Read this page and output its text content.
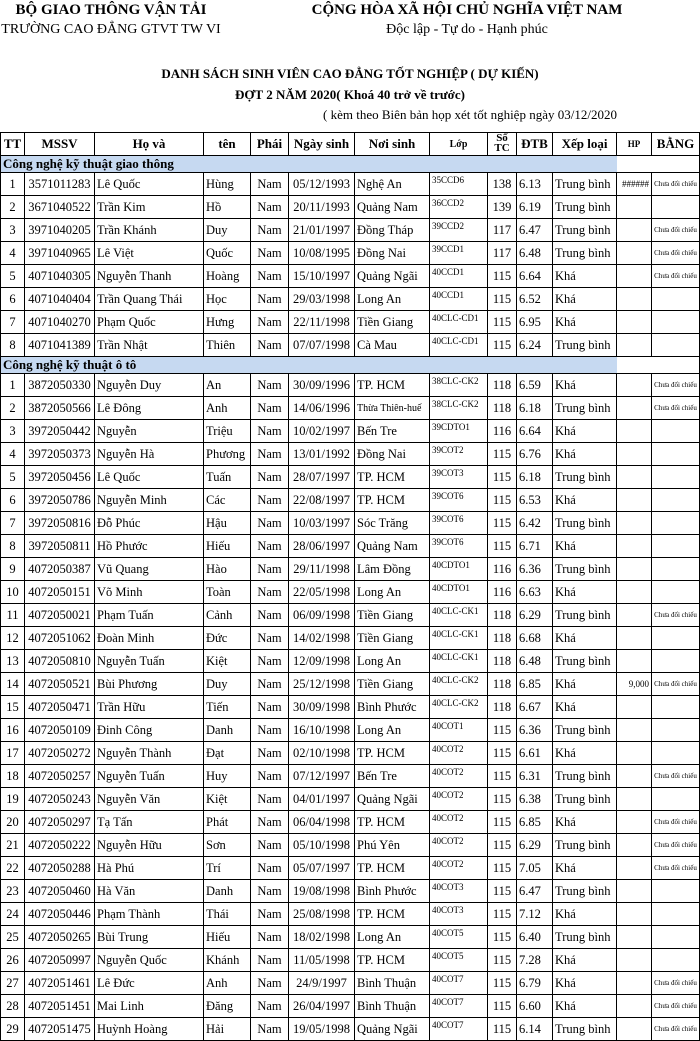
BỘ GIAO THÔNG VẬN TẢI
TRƯỜNG CAO ĐẲNG GTVT TW VI
CỘNG HÒA XÃ HỘI CHỦ NGHĨA VIỆT NAM
Độc lập - Tự do - Hạnh phúc
DANH SÁCH SINH VIÊN CAO ĐẲNG TỐT NGHIỆP ( DỰ KIẾN)
ĐỢT 2 NĂM 2020( Khoá 40 trở về trước)
( kèm theo Biên bản họp xét tốt nghiệp ngày 03/12/2020
TT	MSSV	Họ và	tên	Phái	Ngày sinh	Nơi sinh	Lớp	Số TC	ĐTB	Xếp loại	HP	BẰNG
Công nghệ kỹ thuật giao thông												
1	3571011283	Lê Quốc	Hùng	Nam	05/12/1993	Nghệ An	35CCD6	138	6.13	Trung bình	######	Chưa đối chiếu
2	3671040522	Trần Kim	Hồ	Nam	20/11/1993	Quảng Nam	36CCD2	139	6.19	Trung bình		
3	3971040205	Trần Khánh	Duy	Nam	21/01/1997	Đồng Tháp	39CCD2	117	6.47	Trung bình		Chưa đối chiếu
4	3971040965	Lê Việt	Quốc	Nam	10/08/1995	Đồng Nai	39CCD1	117	6.48	Trung bình		Chưa đối chiếu
5	4071040305	Nguyễn Thanh	Hoàng	Nam	15/10/1997	Quảng Ngãi	40CCD1	115	6.64	Khá		Chưa đối chiếu
6	4071040404	Trần Quang Thái	Học	Nam	29/03/1998	Long An	40CCD1	115	6.52	Khá		
7	4071040270	Phạm Quốc	Hưng	Nam	22/11/1998	Tiền Giang	40CLC-CD1	115	6.95	Khá		
8	4071041389	Trần Nhật	Thiên	Nam	07/07/1998	Cà Mau	40CLC-CD1	115	6.24	Trung bình		
Công nghệ kỹ thuật ô tô												
1	3872050330	Nguyễn Duy	An	Nam	30/09/1996	TP. HCM	38CLC-CK2	118	6.59	Khá		Chưa đối chiếu
2	3872050566	Lê Đông	Anh	Nam	14/06/1996	Thừa Thiên-huế	38CLC-CK2	118	6.18	Trung bình		Chưa đối chiếu
3	3972050442	Nguyễn	Triệu	Nam	10/02/1997	Bến Tre	39CDTO1	116	6.64	Khá		
4	3972050373	Nguyễn Hà	Phương	Nam	13/01/1992	Đồng Nai	39COT2	115	6.76	Khá		
5	3972050456	Lê Quốc	Tuấn	Nam	28/07/1997	TP. HCM	39COT3	115	6.18	Trung bình		
6	3972050786	Nguyễn Minh	Các	Nam	22/08/1997	TP. HCM	39COT6	115	6.53	Khá		
7	3972050816	Đỗ Phúc	Hậu	Nam	10/03/1997	Sóc Trăng	39COT6	115	6.42	Trung bình		
8	3972050811	Hồ Phước	Hiếu	Nam	28/06/1997	Quảng Nam	39COT6	115	6.71	Khá		
9	4072050387	Vũ Quang	Hào	Nam	29/11/1998	Lâm Đồng	40CDTO1	116	6.36	Trung bình		
10	4072050151	Võ Minh	Toàn	Nam	22/05/1998	Long An	40CDTO1	116	6.63	Khá		
11	4072050021	Phạm Tuấn	Cảnh	Nam	06/09/1998	Tiền Giang	40CLC-CK1	118	6.29	Trung bình		Chưa đối chiếu
12	4072051062	Đoàn Minh	Đức	Nam	14/02/1998	Tiền Giang	40CLC-CK1	118	6.68	Khá		
13	4072050810	Nguyễn Tuấn	Kiệt	Nam	12/09/1998	Long An	40CLC-CK1	118	6.48	Trung bình		
14	4072050521	Bùi Phương	Duy	Nam	25/12/1998	Tiền Giang	40CLC-CK2	118	6.85	Khá	9,000	Chưa đối chiếu
15	4072050471	Trần Hữu	Tiến	Nam	30/09/1998	Bình Phước	40CLC-CK2	118	6.67	Khá		
16	4072050109	Đinh Công	Danh	Nam	16/10/1998	Long An	40COT1	115	6.36	Trung bình		
17	4072050272	Nguyễn Thành	Đạt	Nam	02/10/1998	TP. HCM	40COT2	115	6.61	Khá		
18	4072050257	Nguyễn Tuấn	Huy	Nam	07/12/1997	Bến Tre	40COT2	115	6.31	Trung bình		Chưa đối chiếu
19	4072050243	Nguyễn Văn	Kiệt	Nam	04/01/1997	Quảng Ngãi	40COT2	115	6.38	Trung bình		
20	4072050297	Tạ Tấn	Phát	Nam	06/04/1998	TP. HCM	40COT2	115	6.85	Khá		Chưa đối chiếu
21	4072050222	Nguyễn Hữu	Sơn	Nam	05/10/1998	Phú Yên	40COT2	115	6.29	Trung bình		Chưa đối chiếu
22	4072050288	Hà Phú	Trí	Nam	05/07/1997	TP. HCM	40COT2	115	7.05	Khá		Chưa đối chiếu
23	4072050460	Hà Văn	Danh	Nam	19/08/1998	Bình Phước	40COT3	115	6.47	Trung bình		
24	4072050446	Phạm Thành	Thái	Nam	25/08/1998	TP. HCM	40COT3	115	7.12	Khá		
25	4072050265	Bùi Trung	Hiếu	Nam	18/02/1998	Long An	40COT5	115	6.40	Trung bình		
26	4072050997	Nguyễn Quốc	Khánh	Nam	11/05/1998	TP. HCM	40COT5	115	7.28	Khá		
27	4072051461	Lê Đức	Anh	Nam	24/9/1997	Bình Thuận	40COT7	115	6.79	Khá		Chưa đối chiếu
28	4072051451	Mai Linh	Đăng	Nam	26/04/1997	Bình Thuận	40COT7	115	6.60	Khá		Chưa đối chiếu
29	4072051475	Huỳnh Hoàng	Hải	Nam	19/05/1998	Quảng Ngãi	40COT7	115	6.14	Trung bình		Chưa đối chiếu
